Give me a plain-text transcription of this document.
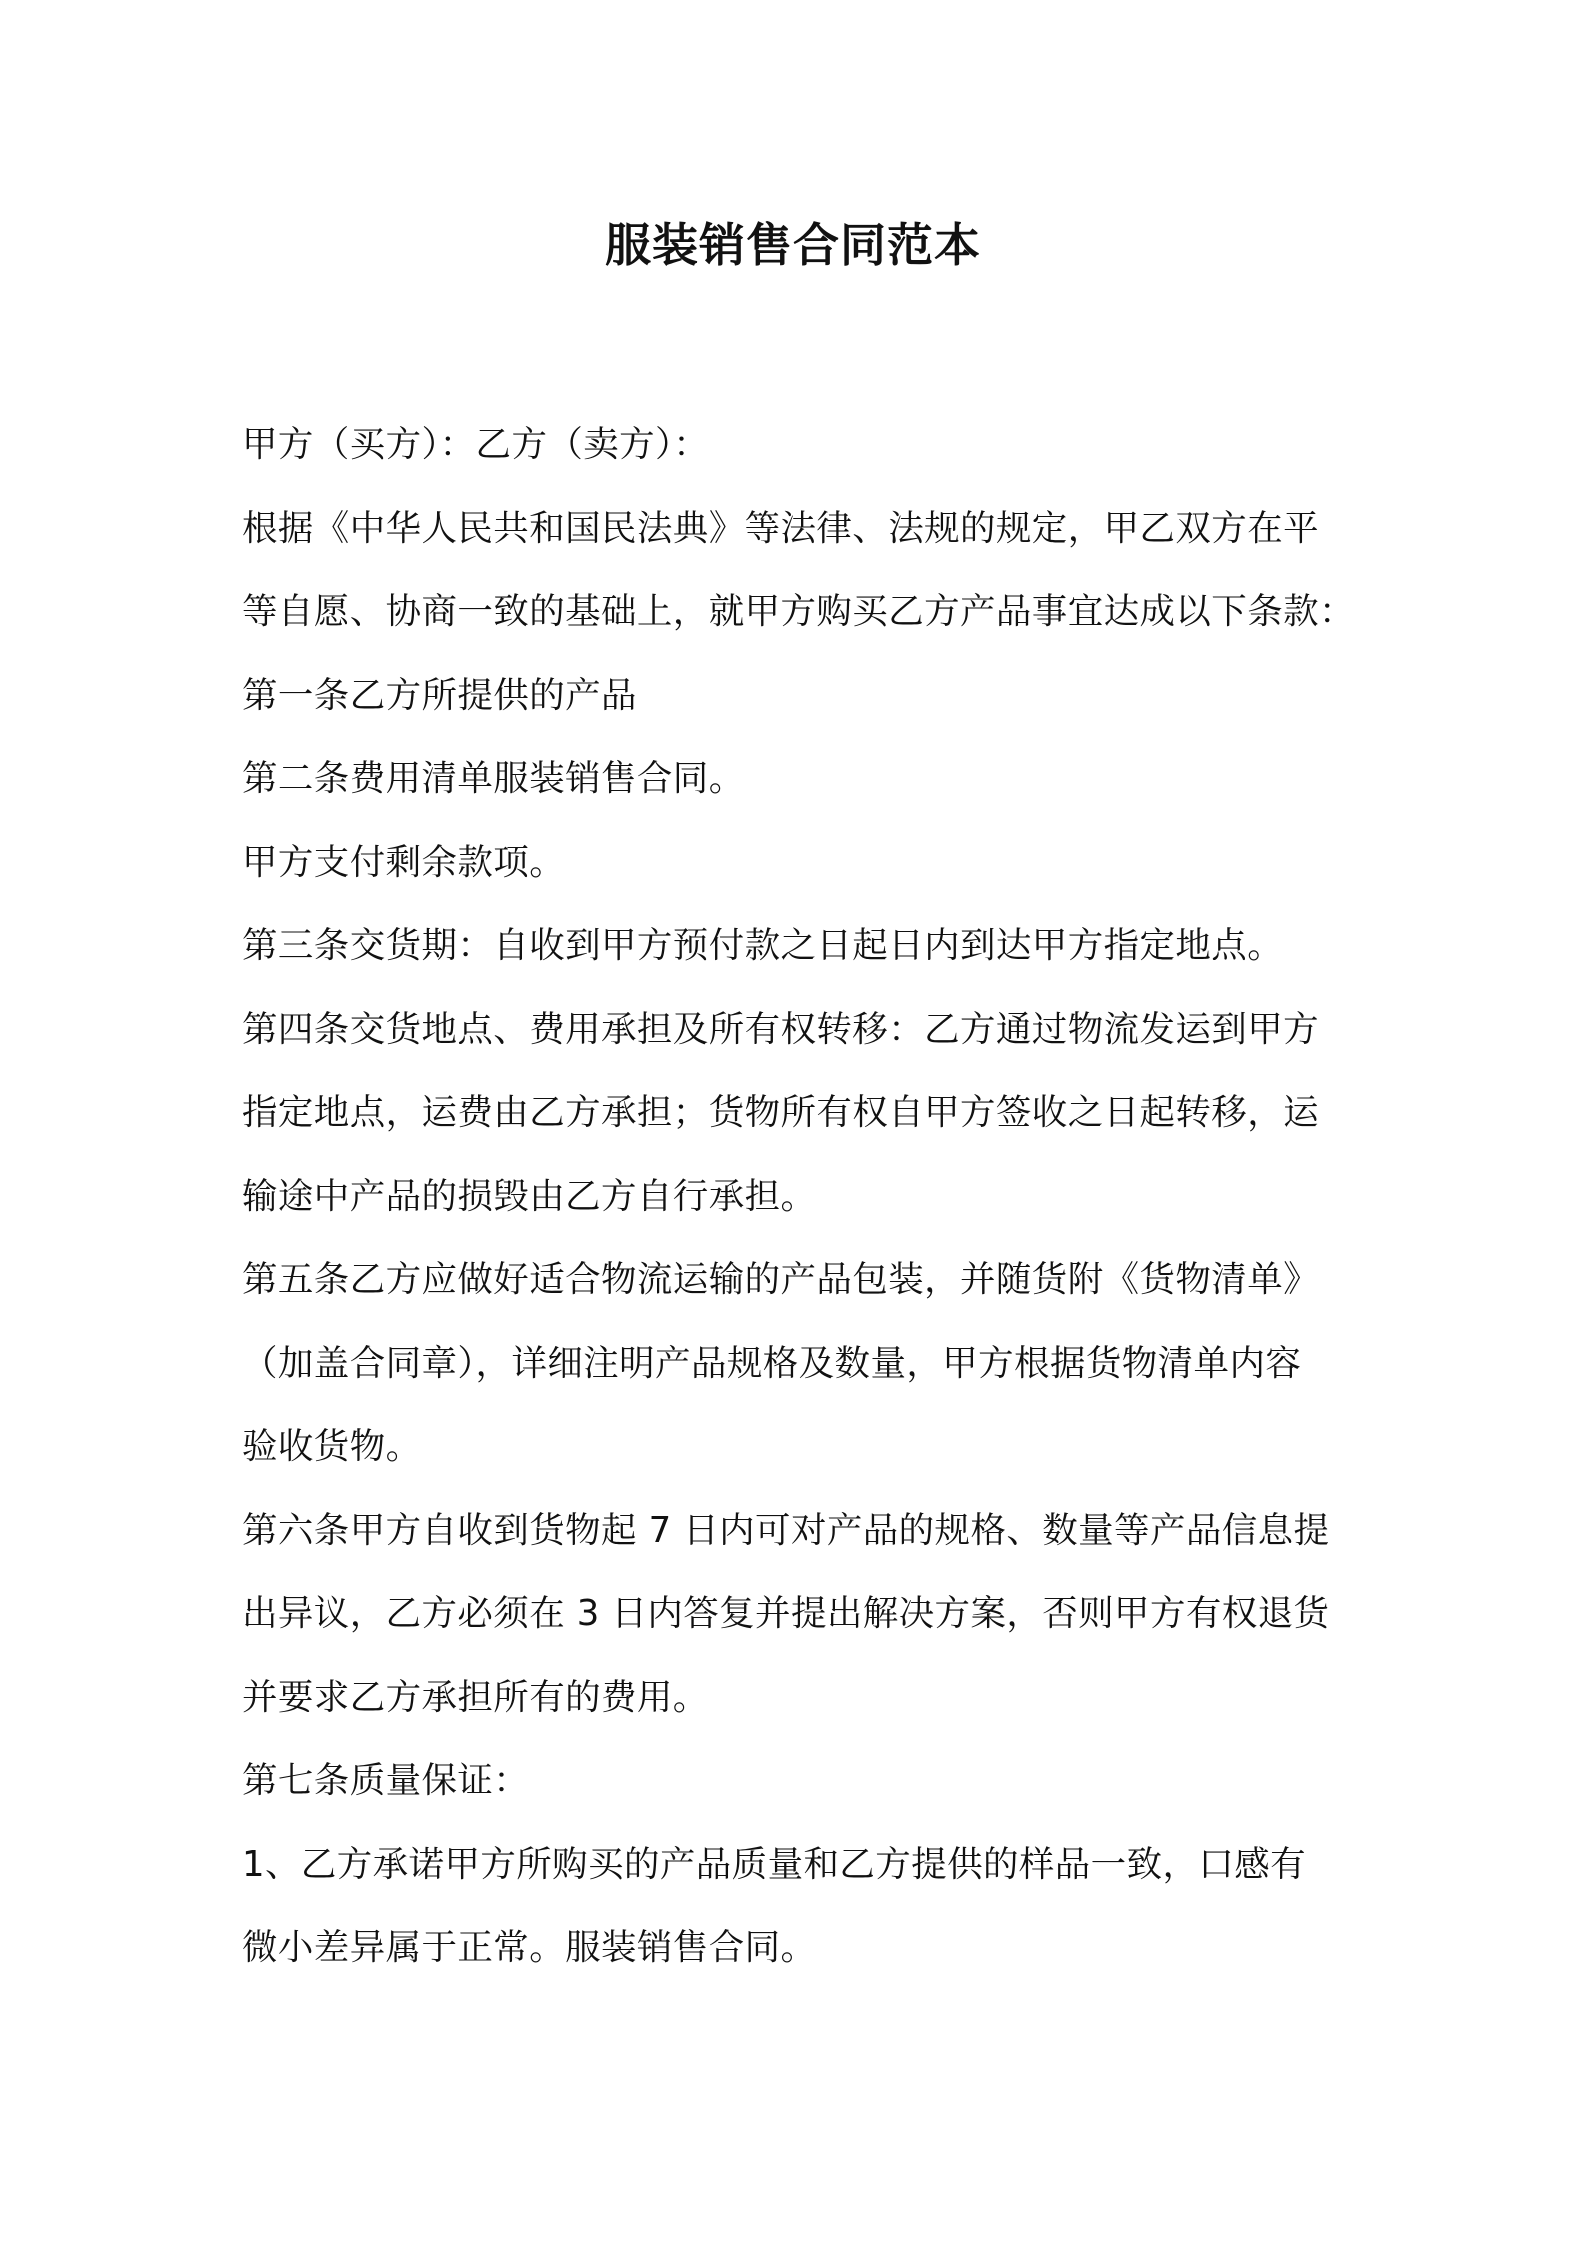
服装销售合同范本
甲方（买方）：乙方（卖方）：
根据《中华人民共和国民法典》等法律、法规的规定，甲乙双方在平
等自愿、协商一致的基础上，就甲方购买乙方产品事宜达成以下条款：
第一条乙方所提供的产品
第二条费用清单服装销售合同。
甲方支付剩余款项。
第三条交货期：自收到甲方预付款之日起日内到达甲方指定地点。
第四条交货地点、费用承担及所有权转移：乙方通过物流发运到甲方
指定地点，运费由乙方承担；货物所有权自甲方签收之日起转移，运
输途中产品的损毁由乙方自行承担。
第五条乙方应做好适合物流运输的产品包装，并随货附《货物清单》
（加盖合同章），详细注明产品规格及数量，甲方根据货物清单内容
验收货物。
第六条甲方自收到货物起 7 日内可对产品的规格、数量等产品信息提
出异议，乙方必须在 3 日内答复并提出解决方案，否则甲方有权退货
并要求乙方承担所有的费用。
第七条质量保证：
1、乙方承诺甲方所购买的产品质量和乙方提供的样品一致，口感有
微小差异属于正常。服装销售合同。
